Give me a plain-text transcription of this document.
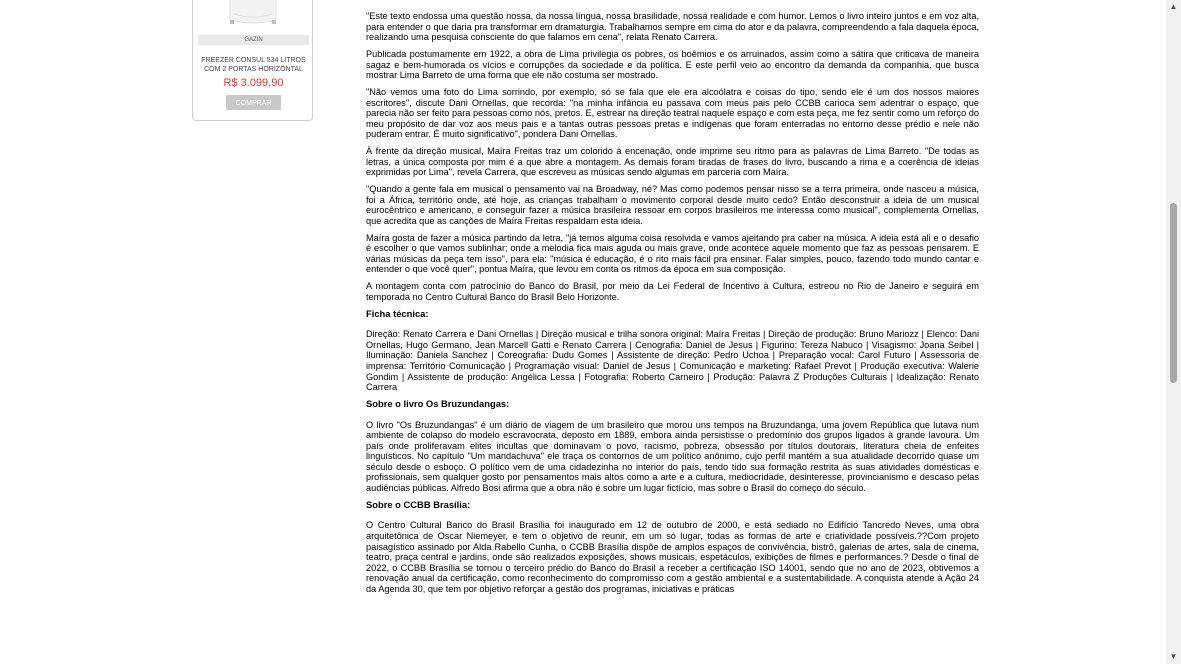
GAZIN
FREEZER CONSUL 534 LITROS COM 2 PORTAS HORIZONTAL
R$ 3.099,90
COMPRAR

"Este texto endossa uma questão nossa, da nossa língua, nossa brasilidade, nossa realidade e com humor. Lemos o livro inteiro juntos e em voz alta, para entender o que daria pra transformar em dramaturgia. Trabalhamos sempre em cima do ator e da palavra, compreendendo a fala daquela época, realizando uma pesquisa consciente do que falamos em cena", relata Renato Carrera.

Publicada postumamente em 1922, a obra de Lima privilegia os pobres, os boêmios e os arruinados, assim como a sátira que criticava de maneira sagaz e bem-humorada os vícios e corrupções da sociedade e da política. E este perfil veio ao encontro da demanda da companhia, que busca mostrar Lima Barreto de uma forma que ele não costuma ser mostrado.

"Não vemos uma foto do Lima sorrindo, por exemplo, só se fala que ele era alcoólatra e coisas do tipo, sendo ele é um dos nossos maiores escritores", discute Dani Ornellas, que recorda: "na minha infância eu passava com meus pais pelo CCBB carioca sem adentrar o espaço, que parecia não ser feito para pessoas como nós, pretos. E, estrear na direção teatral naquele espaço e com esta peça, me fez sentir como um reforço do meu propósito de dar voz aos meus pais e a tantas outras pessoas pretas e indígenas que foram enterradas no entorno desse prédio e nele não puderam entrar. É muito significativo", pondera Dani Ornellas.

À frente da direção musical, Maíra Freitas traz um colorido à encenação, onde imprime seu ritmo para as palavras de Lima Barreto. "De todas as letras, a única composta por mim é a que abre a montagem. As demais foram tiradas de frases do livro, buscando a rima e a coerência de ideias exprimidas por Lima", revela Carrera, que escreveu as músicas sendo algumas em parceria com Maíra.

"Quando a gente fala em musical o pensamento vai na Broadway, né? Mas como podemos pensar nisso se a terra primeira, onde nasceu a música, foi a África, território onde, até hoje, as crianças trabalham o movimento corporal desde muito cedo? Então desconstruir a ideia de um musical eurocêntrico e americano, e conseguir fazer a música brasileira ressoar em corpos brasileiros me interessa como musical", complementa Ornellas, que acredita que as canções de Maíra Freitas respaldam esta ideia.

Maíra gosta de fazer a música partindo da letra, "já temos alguma coisa resolvida e vamos ajeitando pra caber na música. A ideia está ali e o desafio é escolher o que vamos sublinhar; onde a melodia fica mais aguda ou mais grave, onde acontece aquele momento que faz as pessoas pensarem. E várias músicas da peça tem isso", para ela: "música é educação, é o rito mais fácil pra ensinar. Falar simples, pouco, fazendo todo mundo cantar e entender o que você quer", pontua Maíra, que levou em conta os ritmos da época em sua composição.

A montagem conta com patrocínio do Banco do Brasil, por meio da Lei Federal de Incentivo à Cultura, estreou no Rio de Janeiro e seguirá em temporada no Centro Cultural Banco do Brasil Belo Horizonte.

Ficha técnica:

Direção: Renato Carrera e Dani Ornellas | Direção musical e trilha sonora original: Maíra Freitas | Direção de produção: Bruno Mariozz | Elenco: Dani Ornellas, Hugo Germano, Jean Marcell Gatti e Renato Carrera | Cenografia: Daniel de Jesus | Figurino: Tereza Nabuco | Visagismo: Joana Seibel | Iluminação: Daniela Sanchez | Coreografia: Dudu Gomes | Assistente de direção: Pedro Uchoa | Preparação vocal: Carol Futuro | Assessoria de imprensa: Território Comunicação | Programação visual: Daniel de Jesus | Comunicação e marketing: Rafael Prevot | Produção executiva: Walerie Gondim | Assistente de produção: Angélica Lessa | Fotografia: Roberto Carneiro | Produção: Palavra Z Produções Culturais | Idealização: Renato Carrera

Sobre o livro Os Bruzundangas:

O livro "Os Bruzundangas" é um diário de viagem de um brasileiro que morou uns tempos na Bruzundanga, uma jovem República que lutava num ambiente de colapso do modelo escravocrata, deposto em 1889, embora ainda persistisse o predomínio dos grupos ligados à grande lavoura. Um país onde proliferavam elites incultas que dominavam o povo, racismo, pobreza, obsessão por títulos doutorais, literatura cheia de enfeites linguísticos. No capítulo "Um mandachuva" ele traça os contornos de um político anônimo, cujo perfil mantém a sua atualidade decorrido quase um século desde o esboço. O político vem de uma cidadezinha no interior do país, tendo tido sua formação restrita às suas atividades domésticas e profissionais, sem qualquer gosto por pensamentos mais altos como a arte e a cultura, mediocridade, desinteresse, provincianismo e descaso pelas audiências públicas. Alfredo Bosi afirma que a obra não é sobre um lugar fictício, mas sobre o Brasil do começo do século.

Sobre o CCBB Brasília:

O Centro Cultural Banco do Brasil Brasília foi inaugurado em 12 de outubro de 2000, e está sediado no Edifício Tancredo Neves, uma obra arquitetônica de Oscar Niemeyer, e tem o objetivo de reunir, em um só lugar, todas as formas de arte e criatividade possíveis.??Com projeto paisagístico assinado por Alda Rabello Cunha, o CCBB Brasília dispõe de amplos espaços de convivência, bistrô, galerias de artes, sala de cinema, teatro, praça central e jardins, onde são realizados exposições, shows musicais, espetáculos, exibições de filmes e performances.? Desde o final de 2022, o CCBB Brasília se tornou o terceiro prédio do Banco do Brasil a receber a certificação ISO 14001, sendo que no ano de 2023, obtivemos a renovação anual da certificação, como reconhecimento do compromisso com a gestão ambiental e a sustentabilidade. A conquista atende à Ação 24 da Agenda 30, que tem por objetivo reforçar a gestão dos programas, iniciativas e práticas

▲
▼
